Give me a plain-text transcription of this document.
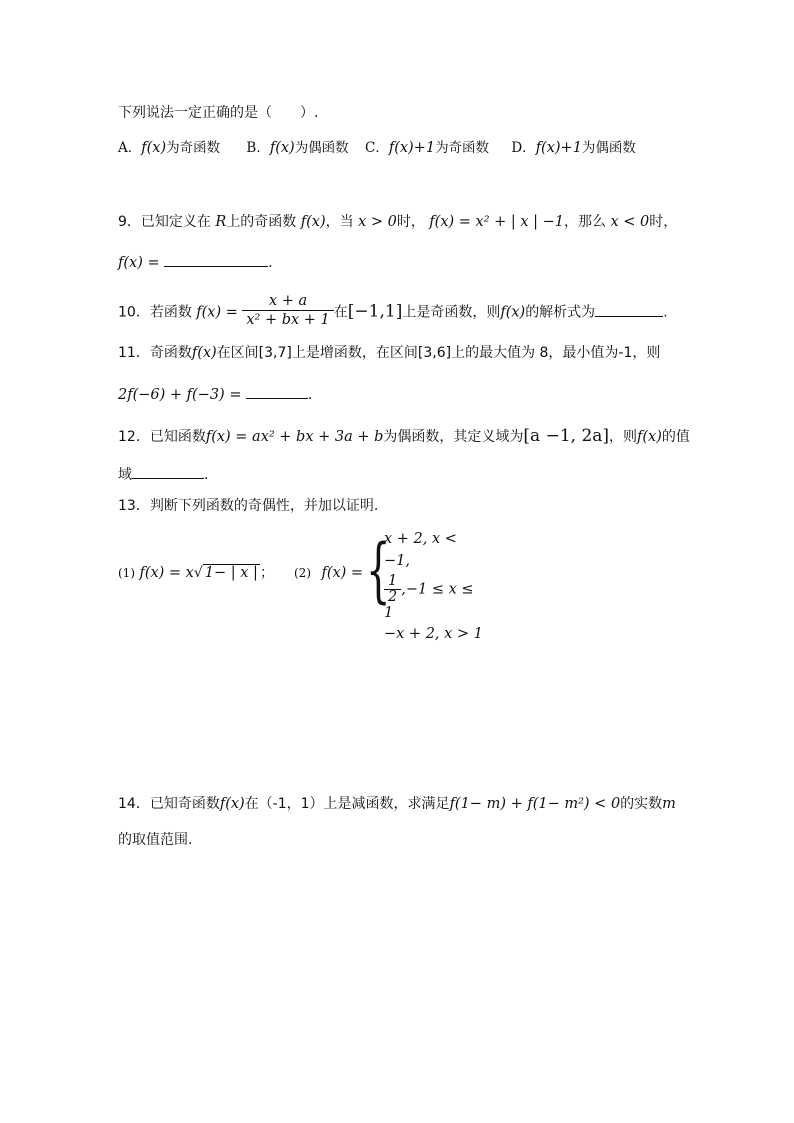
下列说法一定正确的是（　　）.
A．f(x)为奇函数 B．f(x)为偶函数 C．f(x)+1为奇函数 D．f(x)+1为偶函数
9．已知定义在 R上的奇函数 f(x)，当 x > 0时， f(x) = x² + | x | −1，那么 x < 0时，
f(x) =	.
10．若函数 $f(x) = \frac{x + a}{\text{x² + bx + 1}}$ 在[−1,1]上是奇函数，则f(x)的解析式为	.
11．奇函数f(x)在区间[3,7]上是增函数，在区间[3,6]上的最大值为 8，最小值为-1，则
2f(−6) + f(−3) =	.
12．已知函数f(x) = ax² + bx + 3a + b为偶函数，其定义域为[a −1, 2a]，则f(x)的值
域	.
13．判断下列函数的奇偶性，并加以证明.
(1) f(x) = x√ 1− | x | ； (2) f(x) = {
x + 2, x < −1,
$\frac{1}{2} ,-1 \le x \le 1$
−x + 2, x > 1
14．已知奇函数f(x)在（-1，1）上是减函数，求满足f(1− m) + f(1− m²) < 0的实数m
的取值范围.
